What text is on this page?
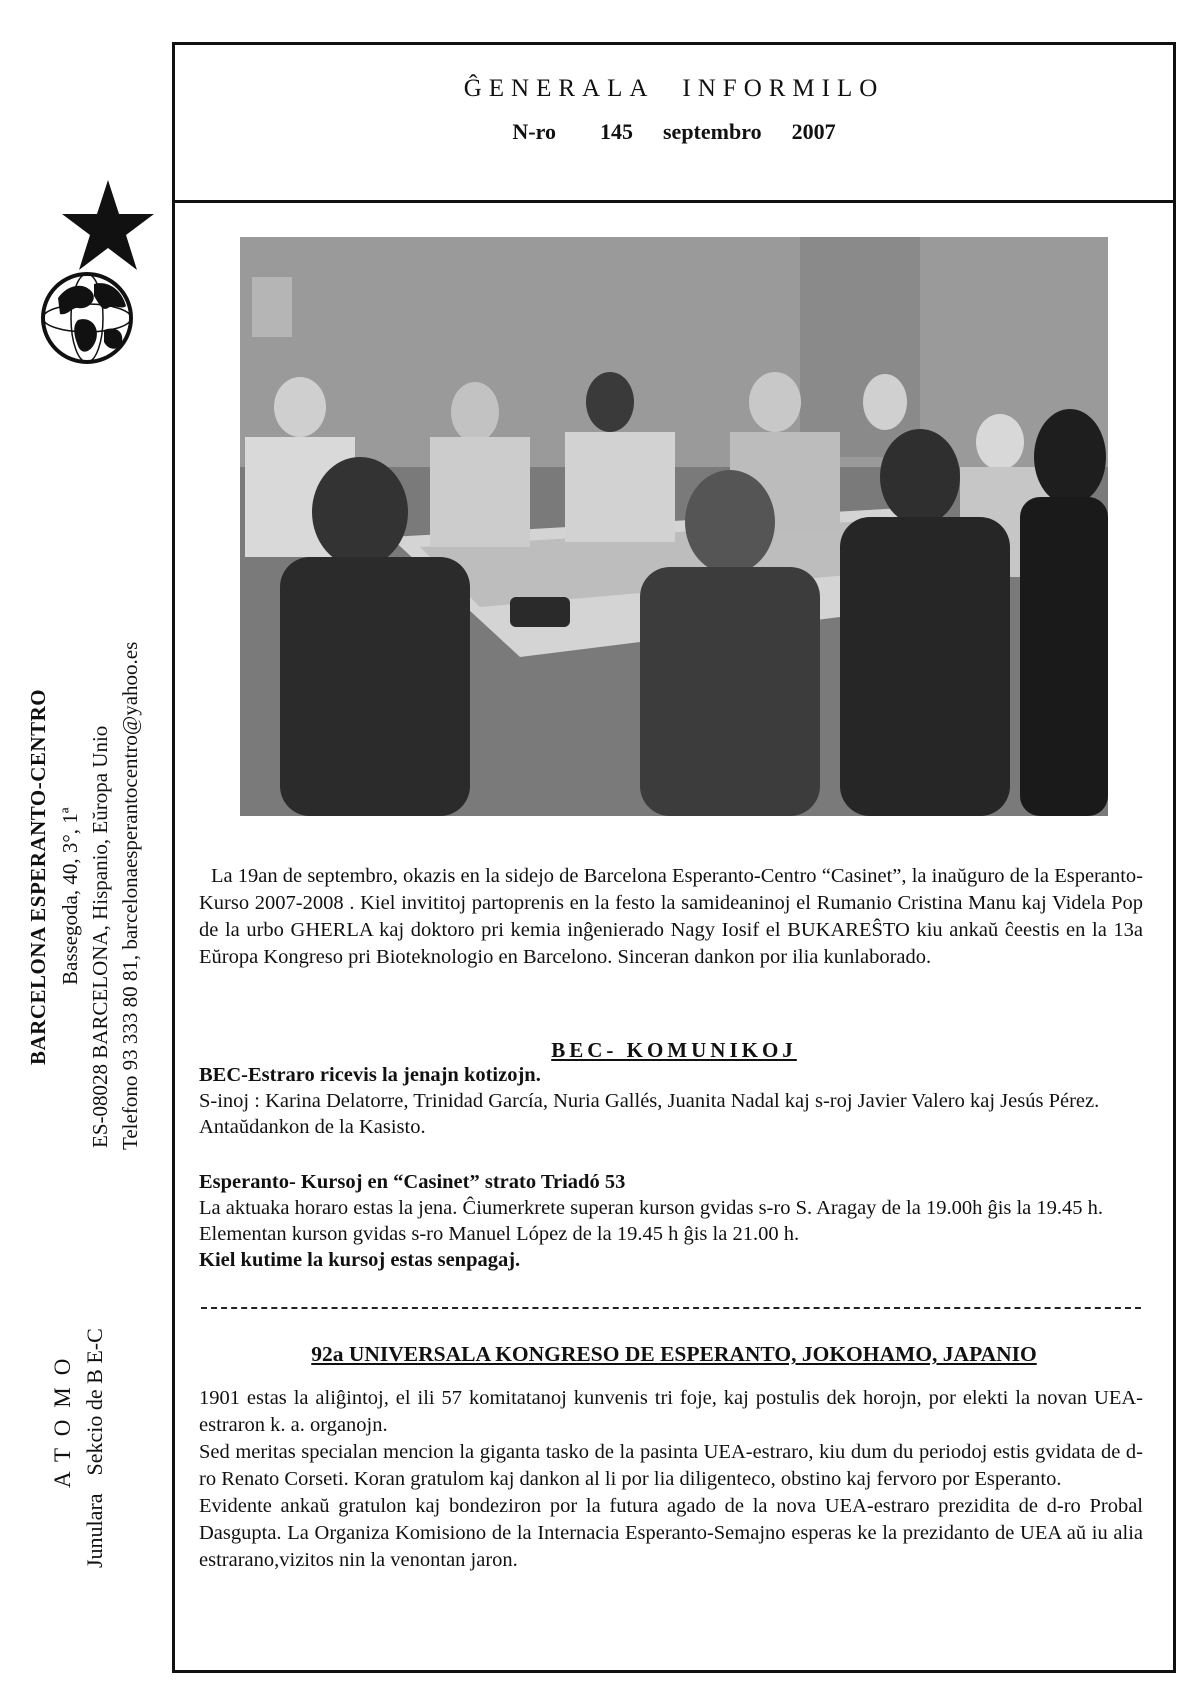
BARCELONA ESPERANTO-CENTRO Bassegoda, 40, 3°, 1ª ES-08028 BARCELONA, Hispanio, Eŭropa Unio Telefono 93 333 80 81, barcelonaesperantocentro@yahoo.es
ATOMO
JunularaSekcio de B E-C
ĜENERALA INFORMILO
N-ro 145 septembro 2007
La 19an de septembro, okazis en la sidejo de Barcelona Esperanto-Centro “Casinet”, la inaŭguro de la Esperanto-Kurso 2007-2008 . Kiel invititoj partoprenis en la festo la samideaninoj el Rumanio Cristina Manu kaj Videla Pop de la urbo GHERLA kaj doktoro pri kemia inĝenierado Nagy Iosif el BUKAREŜTO kiu ankaŭ ĉeestis en la 13a Eŭropa Kongreso pri Bioteknologio en Barcelono. Sinceran dankon por ilia kunlaborado.
BEC- KOMUNIKOJ
BEC-Estraro ricevis la jenajn kotizojn.
S-inoj : Karina Delatorre, Trinidad García, Nuria Gallés, Juanita Nadal kaj s-roj Javier Valero kaj Jesús Pérez. Antaŭdankon de la Kasisto.
Esperanto- Kursoj en “Casinet” strato Triadó 53
La aktuaka horaro estas la jena. Ĉiumerkrete superan kurson gvidas s-ro S. Aragay de la 19.00h ĝis la 19.45 h. Elementan kurson gvidas s-ro Manuel López de la 19.45 h ĝis la 21.00 h.
Kiel kutime la kursoj estas senpagaj.
92a UNIVERSALA KONGRESO DE ESPERANTO, JOKOHAMO, JAPANIO

1901 estas la aliĝintoj, el ili 57 komitatanoj kunvenis tri foje, kaj postulis dek horojn, por elekti la novan UEA-estraron k. a. organojn.

Sed meritas specialan mencion la giganta tasko de la pasinta UEA-estraro, kiu dum du periodoj estis gvidata de d-ro Renato Corseti. Koran gratulom kaj dankon al li por lia diligenteco, obstino kaj fervoro por Esperanto.

Evidente ankaŭ gratulon kaj bondeziron por la futura agado de la nova UEA-estraro prezidita de d-ro Probal Dasgupta. La Organiza Komisiono de la Internacia Esperanto-Semajno esperas ke la prezidanto de UEA aŭ iu alia estrarano,vizitos nin la venontan jaron.
